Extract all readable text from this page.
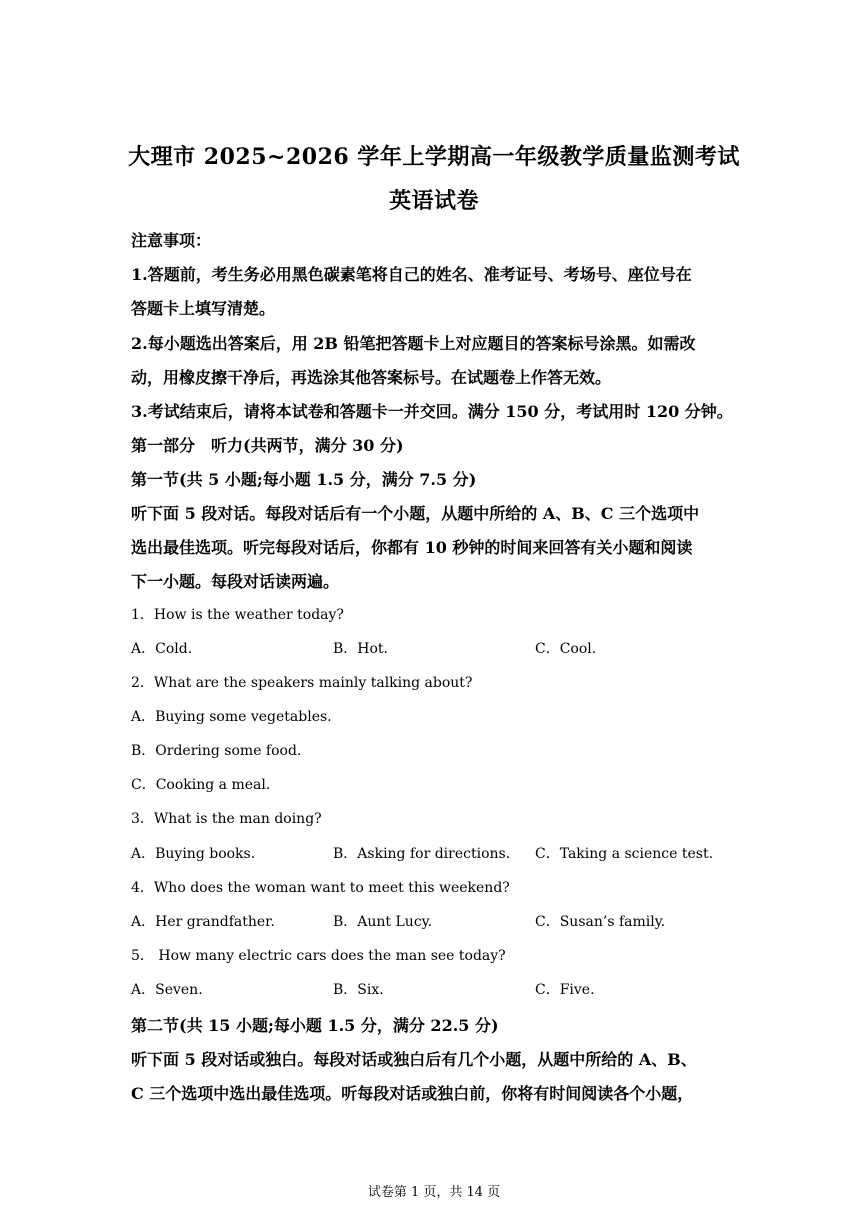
大理市 2025~2026 学年上学期高一年级教学质量监测考试
英语试卷
注意事项：
1.答题前，考生务必用黑色碳素笔将自己的姓名、准考证号、考场号、座位号在
答题卡上填写清楚。
2.每小题选出答案后，用 2B 铅笔把答题卡上对应题目的答案标号涂黑。如需改
动，用橡皮擦干净后，再选涂其他答案标号。在试题卷上作答无效。
3.考试结束后，请将本试卷和答题卡一并交回。满分 150 分，考试用时 120 分钟。
第一部分　听力(共两节，满分 30 分)
第一节(共 5 小题;每小题 1.5 分，满分 7.5 分)
听下面 5 段对话。每段对话后有一个小题，从题中所给的 A、B、C 三个选项中
选出最佳选项。听完每段对话后，你都有 10 秒钟的时间来回答有关小题和阅读
下一小题。每段对话读两遍。
1．How is the weather today?
A．Cold.	B．Hot.	C．Cool.
2．What are the speakers mainly talking about?
A．Buying some vegetables.
B．Ordering some food.
C．Cooking a meal.
3．What is the man doing?
A．Buying books.	B．Asking for directions. C．Taking a science test.
4．Who does the woman want to meet this weekend?
A．Her grandfather.	B．Aunt Lucy.	C．Susan’s family.
5． How many electric cars does the man see today?
A．Seven.	B．Six.	C．Five.
第二节(共 15 小题;每小题 1.5 分，满分 22.5 分)
听下面 5 段对话或独白。每段对话或独白后有几个小题，从题中所给的 A、B、
C 三个选项中选出最佳选项。听每段对话或独白前，你将有时间阅读各个小题，
试卷第 1 页，共 14 页
